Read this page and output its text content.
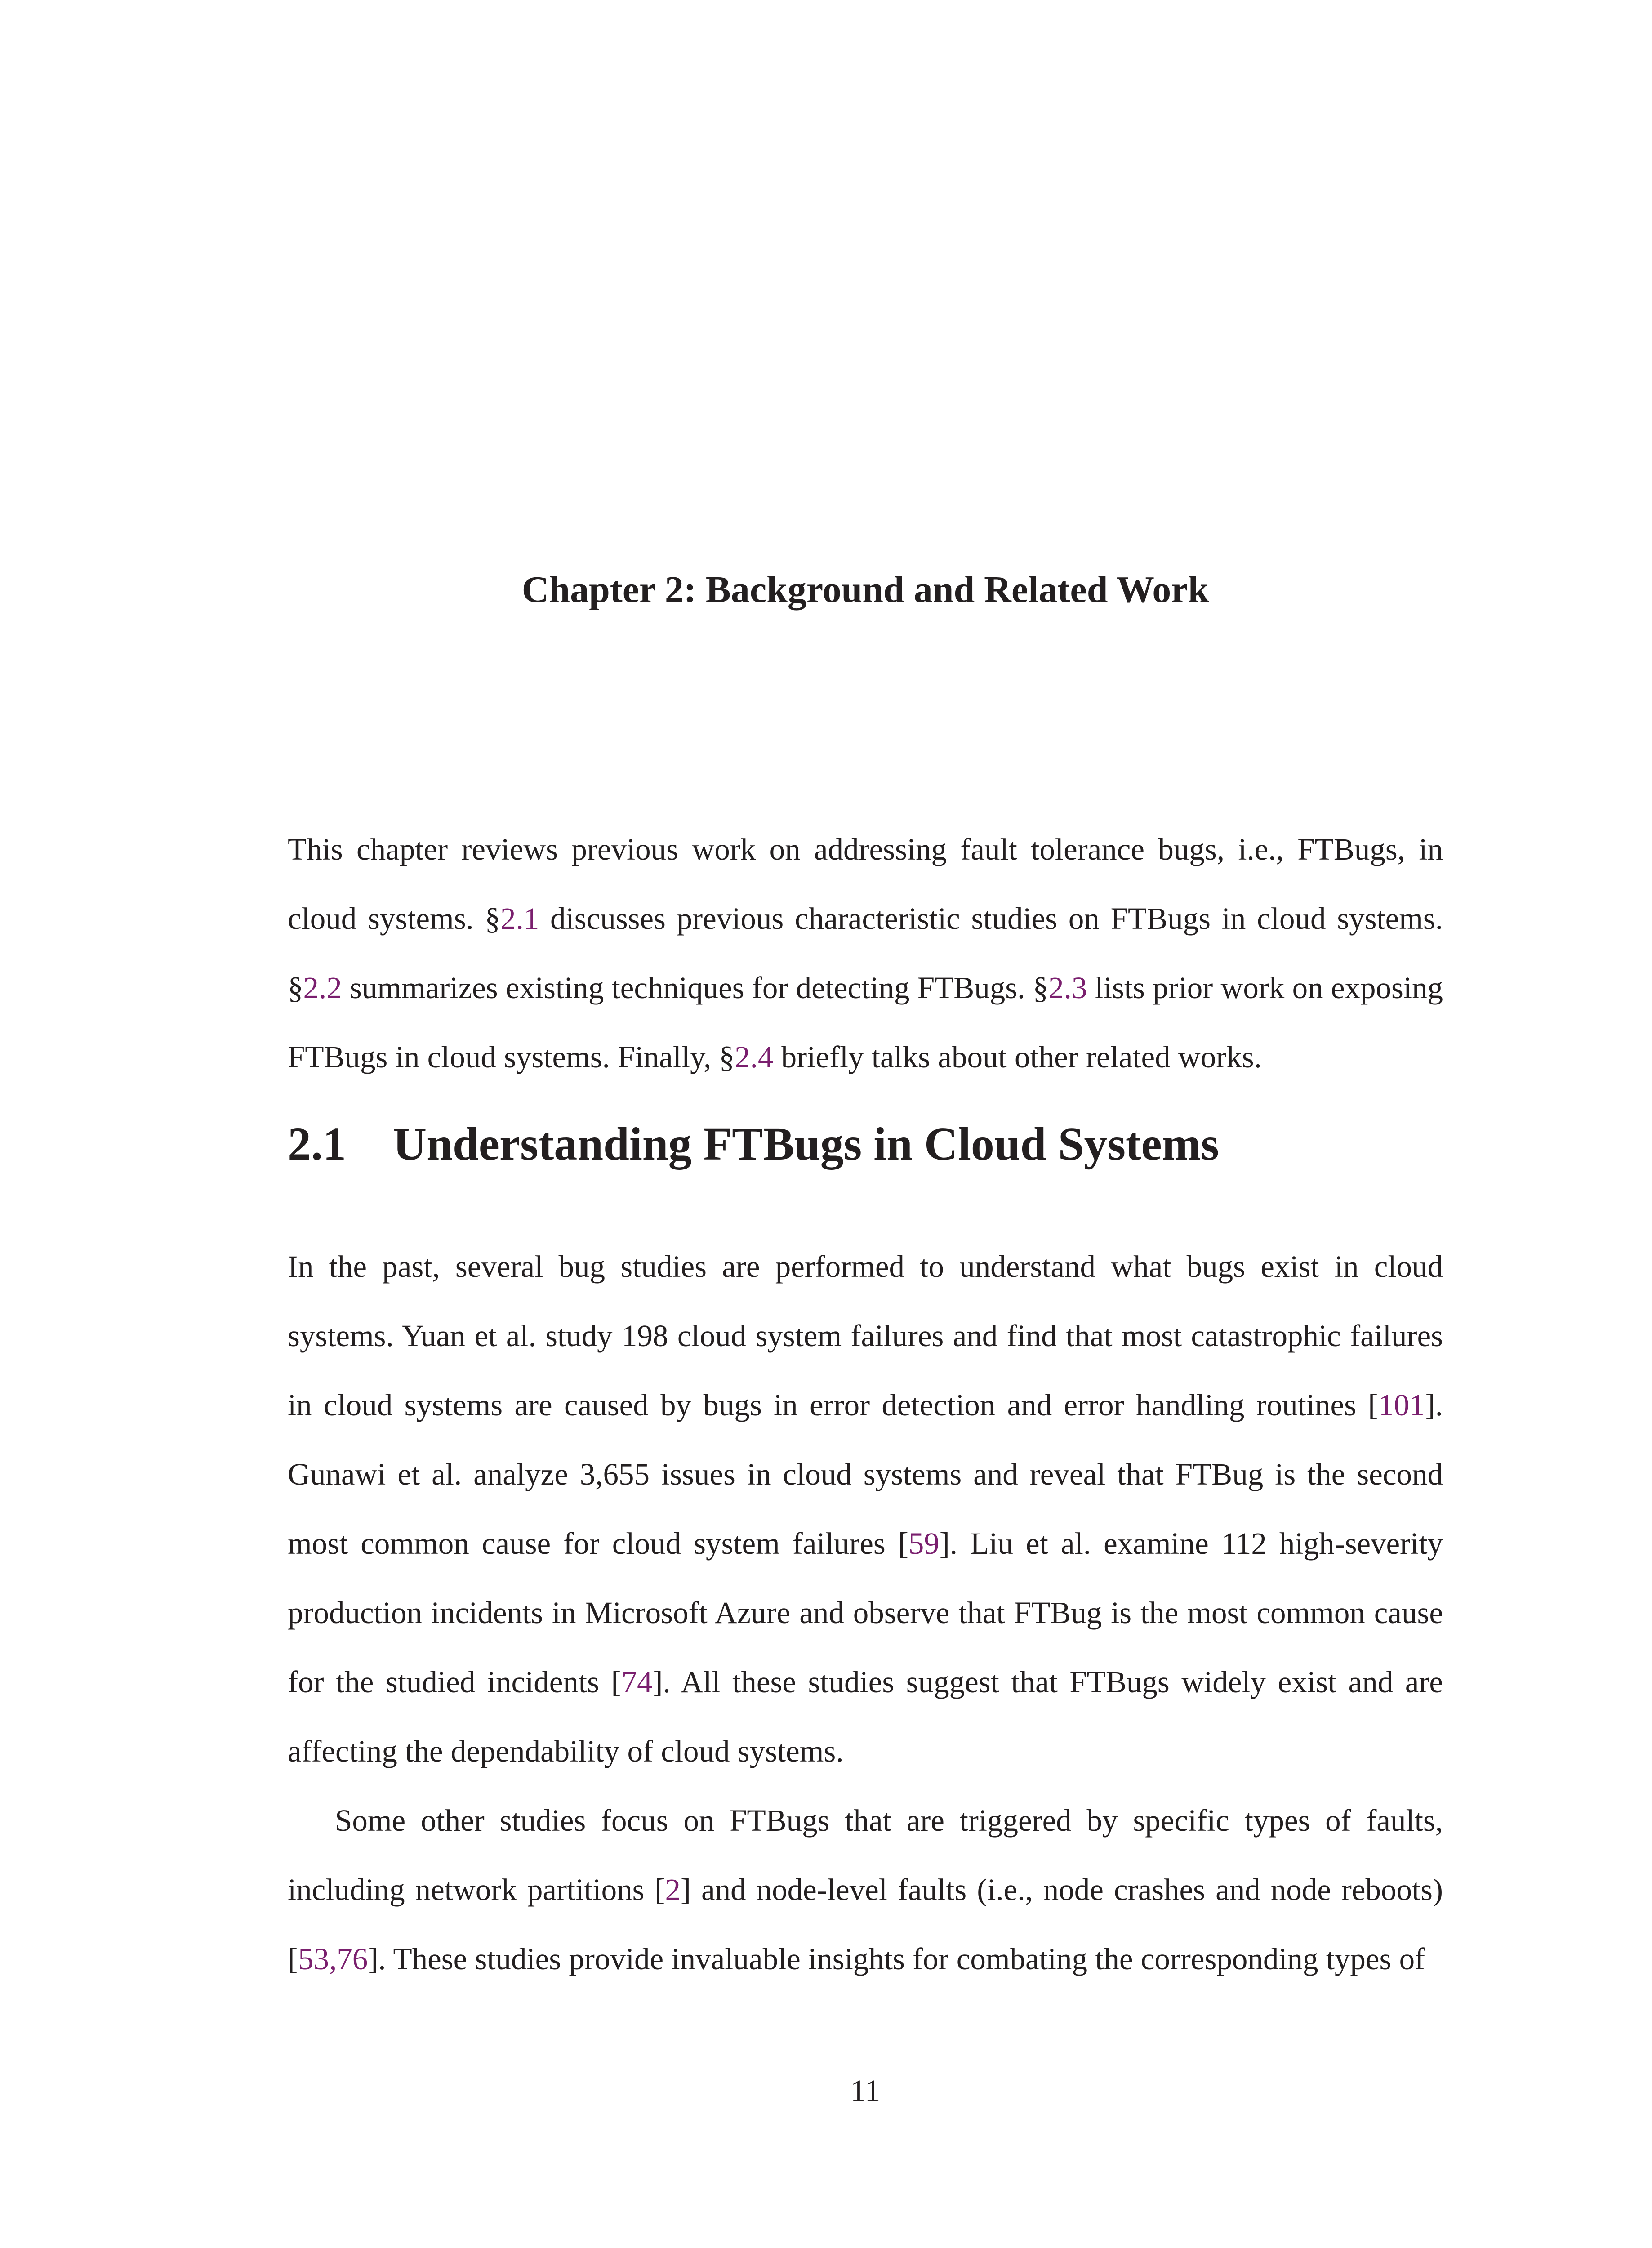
Chapter 2: Background and Related Work

This chapter reviews previous work on addressing fault tolerance bugs, i.e., FTBugs, in cloud systems. §2.1 discusses previous characteristic studies on FTBugs in cloud systems. §2.2 summarizes existing techniques for detecting FTBugs. §2.3 lists prior work on exposing FTBugs in cloud systems. Finally, §2.4 briefly talks about other related works.

2.1 Understanding FTBugs in Cloud Systems

In the past, several bug studies are performed to understand what bugs exist in cloud systems. Yuan et al. study 198 cloud system failures and find that most catastrophic failures in cloud systems are caused by bugs in error detection and error handling routines [101]. Gunawi et al. analyze 3,655 issues in cloud systems and reveal that FTBug is the second most common cause for cloud system failures [59]. Liu et al. examine 112 high-severity production incidents in Microsoft Azure and observe that FTBug is the most common cause for the studied incidents [74]. All these studies suggest that FTBugs widely exist and are affecting the dependability of cloud systems.

Some other studies focus on FTBugs that are triggered by specific types of faults, including network partitions [2] and node-level faults (i.e., node crashes and node reboots) [53,76]. These studies provide invaluable insights for combating the corresponding types of

11
